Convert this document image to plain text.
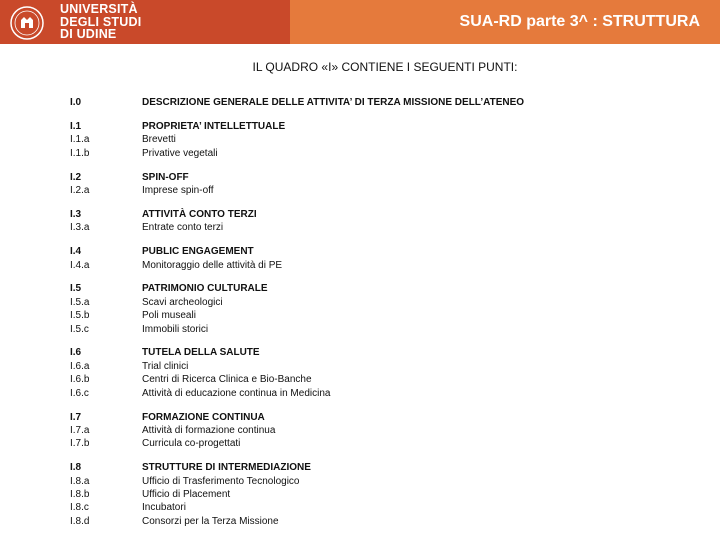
UNIVERSITÀ
DEGLI STUDI
DI UDINE
SUA-RD parte 3^ : STRUTTURA
IL QUADRO «I» CONTIENE I SEGUENTI PUNTI:
I.0	DESCRIZIONE GENERALE DELLE ATTIVITA’ DI TERZA MISSIONE DELL’ATENEO
I.1
I.1.a
I.1.b
PROPRIETA’ INTELLETTUALE
Brevetti
Privative vegetali
I.2
I.2.a
SPIN-OFF
Imprese spin-off
I.3
I.3.a
ATTIVITÀ CONTO TERZI
Entrate conto terzi
I.4
I.4.a
PUBLIC ENGAGEMENT
Monitoraggio delle attività di PE
I.5
I.5.a
I.5.b
I.5.c
PATRIMONIO CULTURALE
Scavi archeologici
Poli museali
Immobili storici
I.6
I.6.a
I.6.b
I.6.c
TUTELA DELLA SALUTE
Trial clinici
Centri di Ricerca Clinica e Bio-Banche
Attività di educazione continua in Medicina
I.7
I.7.a
I.7.b
FORMAZIONE CONTINUA
Attività di formazione continua
Curricula co-progettati
I.8
I.8.a
I.8.b
I.8.c
I.8.d
STRUTTURE DI INTERMEDIAZIONE
Ufficio di Trasferimento Tecnologico
Ufficio di Placement
Incubatori
Consorzi per la Terza Missione
